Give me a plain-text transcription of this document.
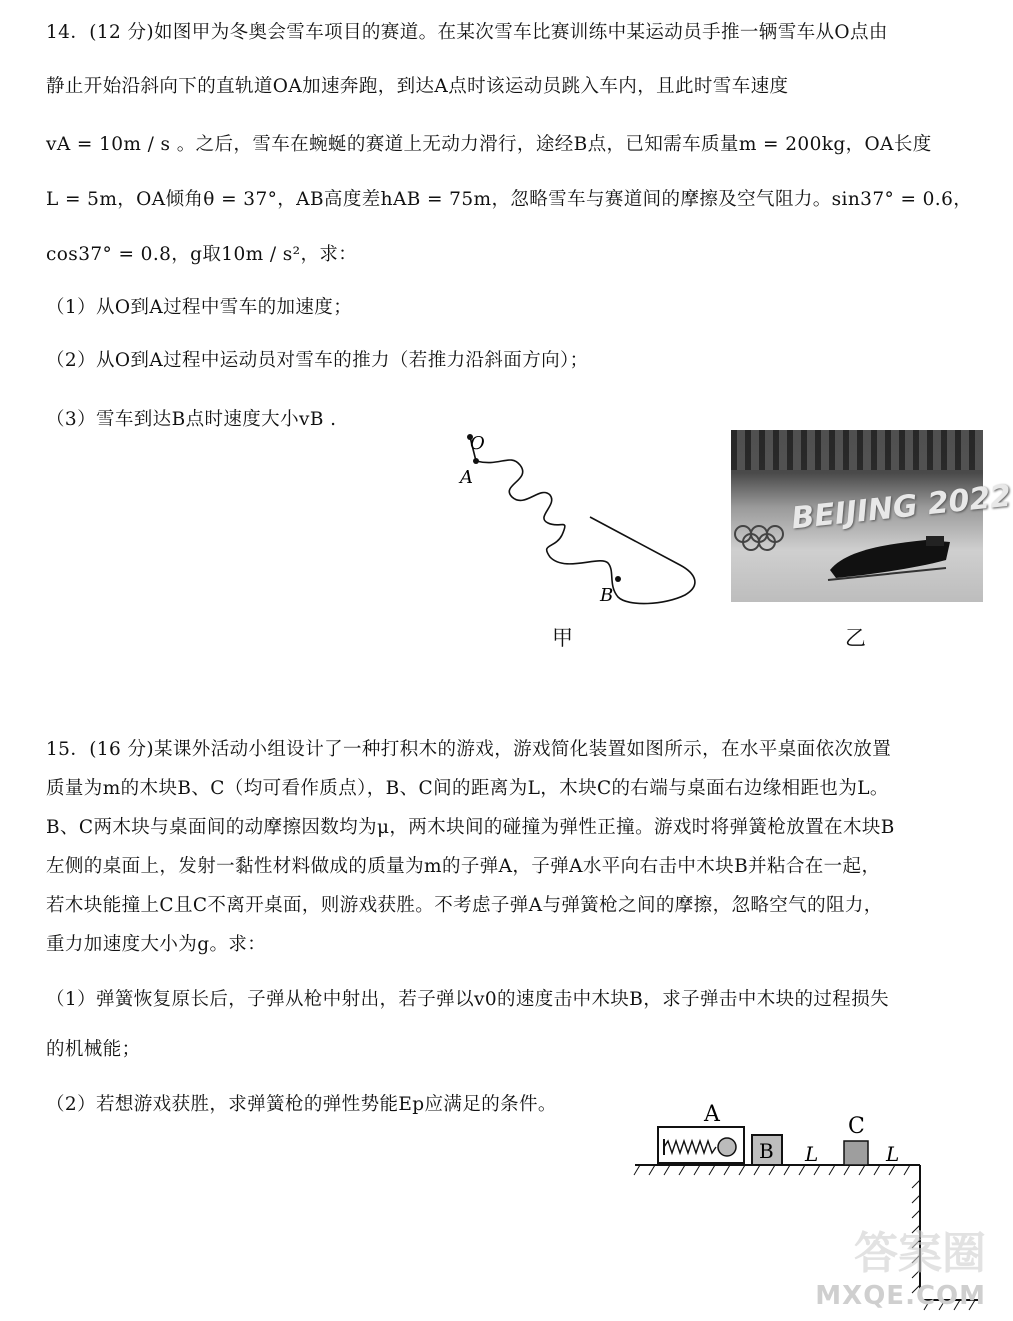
14．(12 分)如图甲为冬奥会雪车项目的赛道。在某次雪车比赛训练中某运动员手推一辆雪车从O点由
静止开始沿斜向下的直轨道OA加速奔跑，到达A点时该运动员跳入车内，且此时雪车速度
vA = 10m / s 。之后，雪车在蜿蜒的赛道上无动力滑行，途经B点，已知需车质量m = 200kg，OA长度
L = 5m，OA倾角θ = 37°，AB高度差hAB = 75m，忽略雪车与赛道间的摩擦及空气阻力。sin37° = 0.6，
cos37° = 0.8，g取10m / s²，求：
（1）从O到A过程中雪车的加速度；
（2）从O到A过程中运动员对雪车的推力（若推力沿斜面方向）；
（3）雪车到达B点时速度大小vB .
O
A
B
甲
BEIJING 2022
乙
15．(16 分)某课外活动小组设计了一种打积木的游戏，游戏简化装置如图所示，在水平桌面依次放置
质量为m的木块B、C（均可看作质点），B、C间的距离为L，木块C的右端与桌面右边缘相距也为L。
B、C两木块与桌面间的动摩擦因数均为μ，两木块间的碰撞为弹性正撞。游戏时将弹簧枪放置在木块B
左侧的桌面上，发射一黏性材料做成的质量为m的子弹A，子弹A水平向右击中木块B并粘合在一起，
若木块能撞上C且C不离开桌面，则游戏获胜。不考虑子弹A与弹簧枪之间的摩擦，忽略空气的阻力，
重力加速度大小为g。求：
（1）弹簧恢复原长后，子弹从枪中射出，若子弹以v0的速度击中木块B，求子弹击中木块的过程损失
的机械能；
（2）若想游戏获胜，求弹簧枪的弹性势能Ep应满足的条件。	A
B L
C
L
答案圈
MXQE.COM
